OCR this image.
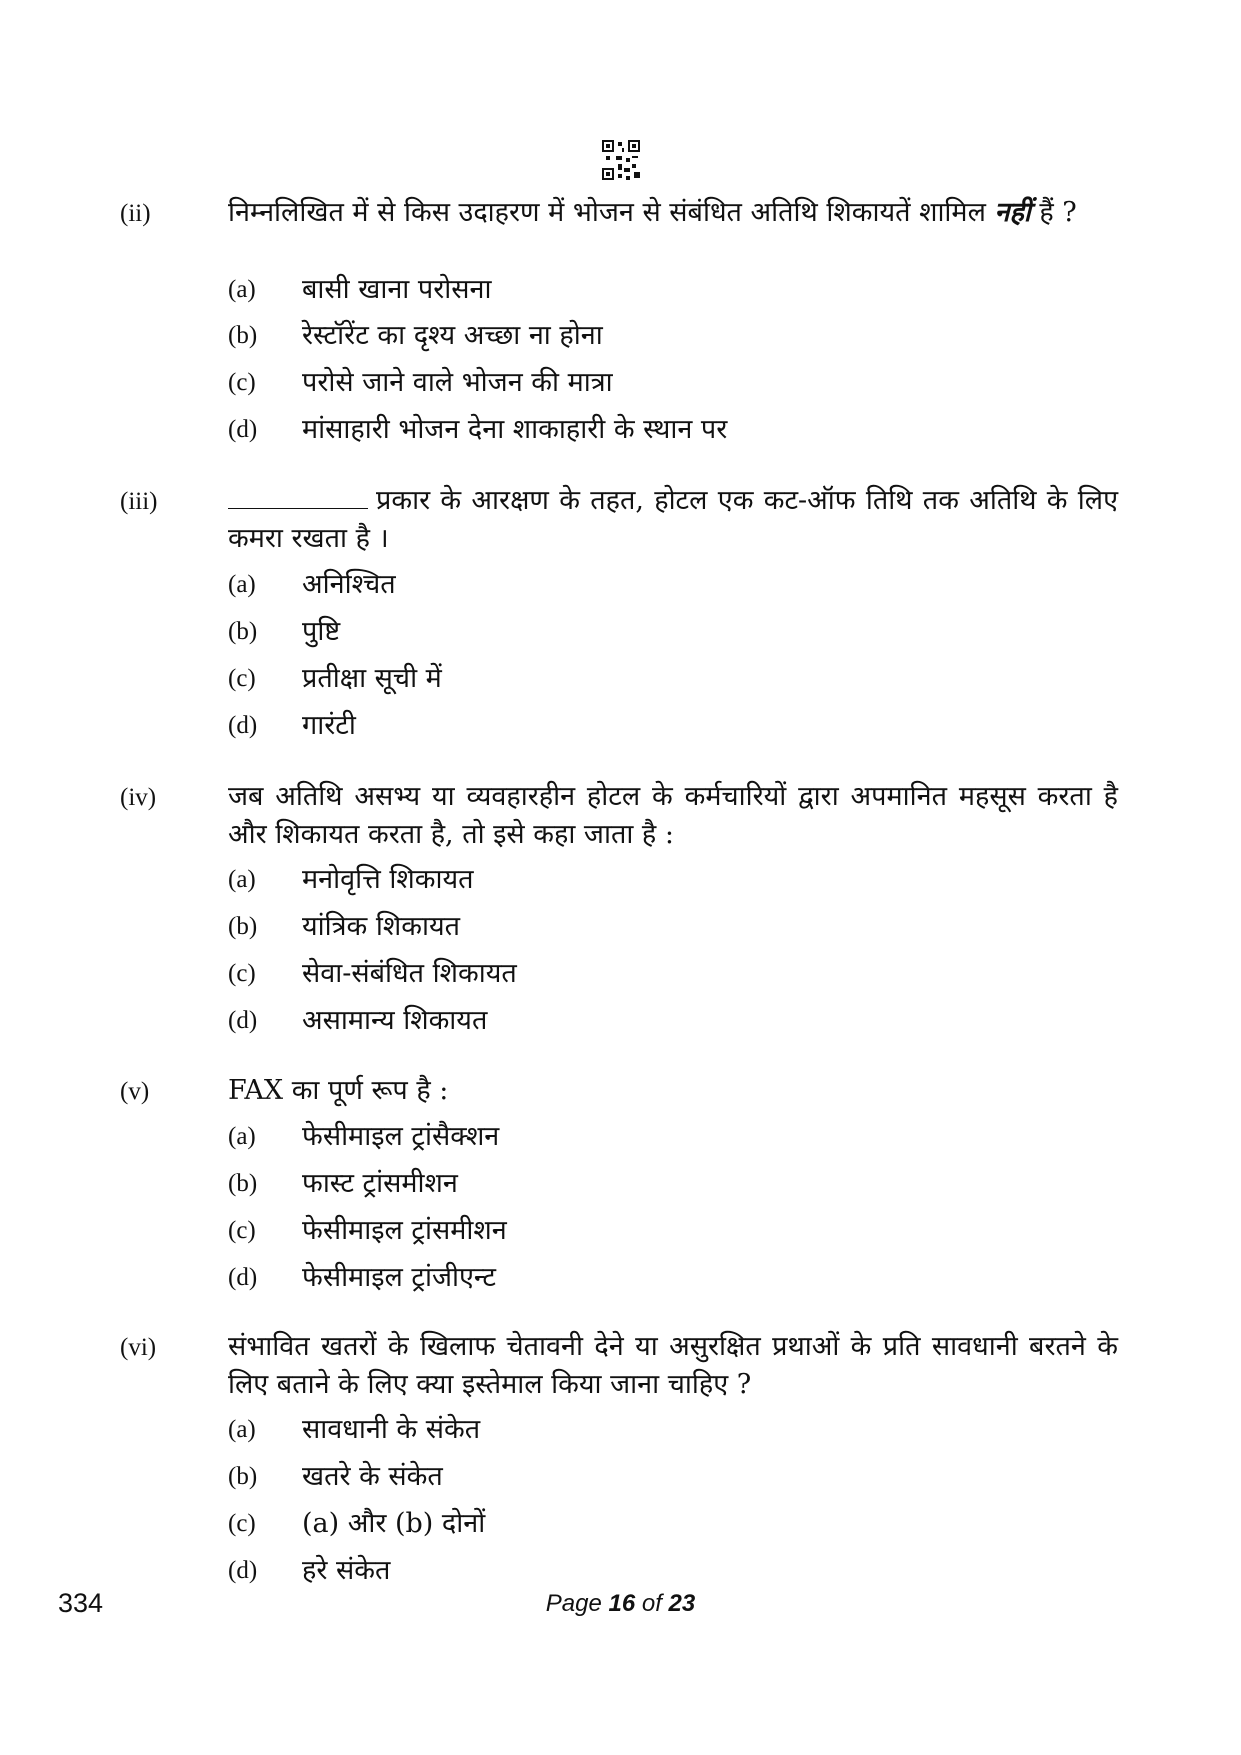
(ii)	निम्नलिखित में से किस उदाहरण में भोजन से संबंधित अतिथि शिकायतें शामिल नहीं हैं ?
(a) बासी खाना परोसना
(b) रेस्टॉरेंट का दृश्य अच्छा ना होना
(c) परोसे जाने वाले भोजन की मात्रा
(d) मांसाहारी भोजन देना शाकाहारी के स्थान पर
(iii)	प्रकार के आरक्षण के तहत, होटल एक कट-ऑफ तिथि तक अतिथि के लिए कमरा रखता है ।
(a) अनिश्चित
(b) पुष्टि
(c) प्रतीक्षा सूची में
(d) गारंटी
(iv)	जब अतिथि असभ्य या व्यवहारहीन होटल के कर्मचारियों द्वारा अपमानित महसूस करता है और शिकायत करता है, तो इसे कहा जाता है :
(a) मनोवृत्ति शिकायत
(b) यांत्रिक शिकायत
(c) सेवा-संबंधित शिकायत
(d) असामान्य शिकायत
(v)	FAX का पूर्ण रूप है :
(a) फेसीमाइल ट्रांसैक्शन
(b) फास्ट ट्रांसमीशन
(c) फेसीमाइल ट्रांसमीशन
(d) फेसीमाइल ट्रांजीएन्ट
(vi)	संभावित खतरों के खिलाफ चेतावनी देने या असुरक्षित प्रथाओं के प्रति सावधानी बरतने के लिए बताने के लिए क्या इस्तेमाल किया जाना चाहिए ?
(a) सावधानी के संकेत
(b) खतरे के संकेत
(c) (a) और (b) दोनों
(d) हरे संकेत
334	Page 16 of 23
